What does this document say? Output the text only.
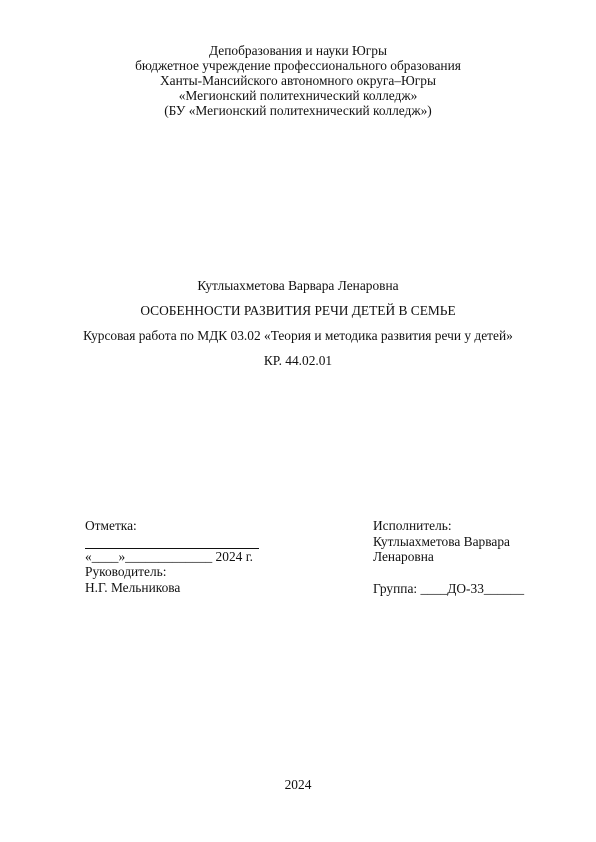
Депобразования и науки Югры
бюджетное учреждение профессионального образования
Ханты-Мансийского автономного округа–Югры
«Мегионский политехнический колледж»
(БУ «Мегионский политехнический колледж»)
Кутлыахметова Варвара Ленаровна
ОСОБЕННОСТИ РАЗВИТИЯ РЕЧИ ДЕТЕЙ В СЕМЬЕ
Курсовая работа по МДК 03.02 «Теория и методика развития речи у детей»
КР. 44.02.01
Отметка:
«____»_____________ 2024 г.
Руководитель:
Н.Г. Мельникова
Исполнитель:
Кутлыахметова Варвара
Ленаровна
Группа: ____ДО-33______
2024
